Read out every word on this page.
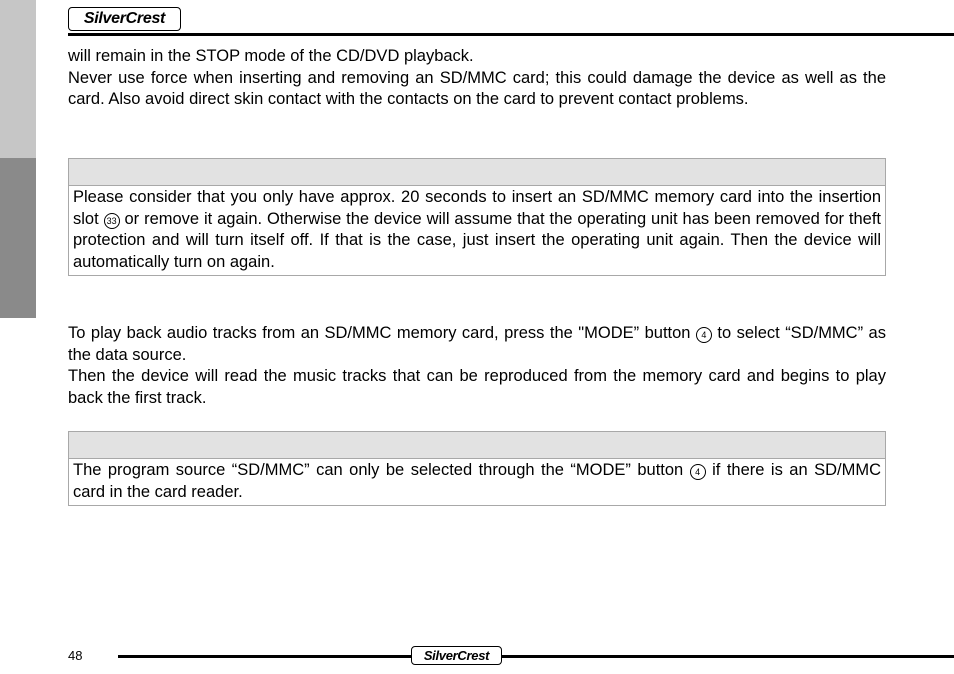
SilverCrest
will remain in the STOP mode of the CD/DVD playback.
Never use force when inserting and removing an SD/MMC card; this could damage the device as well as the card. Also avoid direct skin contact with the contacts on the card to prevent contact problems.
Please consider that you only have approx. 20 seconds to insert an SD/MMC memory card into the insertion slot 33 or remove it again. Otherwise the device will assume that the operating unit has been removed for theft protection and will turn itself off. If that is the case, just insert the operating unit again. Then the device will automatically turn on again.
To play back audio tracks from an SD/MMC memory card, press the "MODE” button 4 to select “SD/MMC” as the data source.
Then the device will read the music tracks that can be reproduced from the memory card and begins to play back the first track.
The program source “SD/MMC” can only be selected through the “MODE” button 4 if there is an SD/MMC card in the card reader.
48	SilverCrest
